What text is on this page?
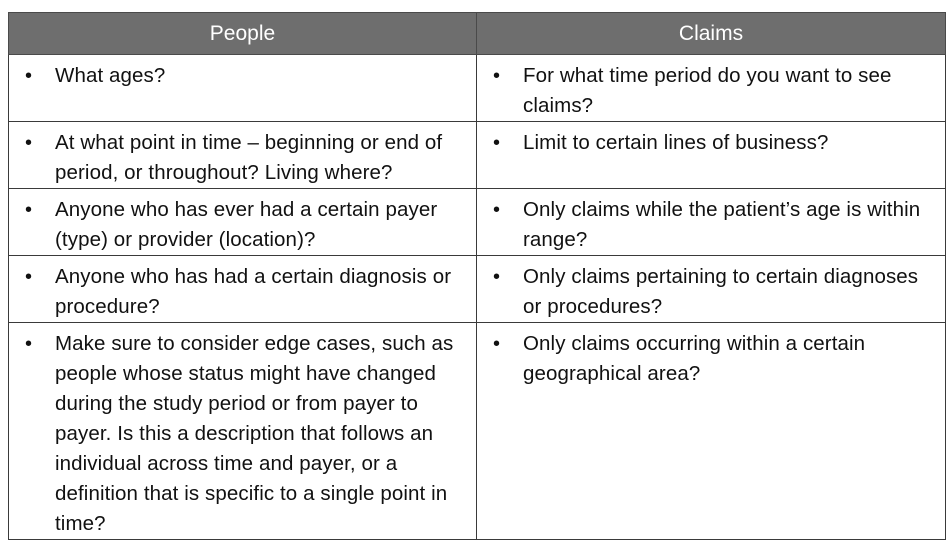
People	Claims

• What ages?	• For what time period do you want to see claims?

• At what point in time – beginning or end of period, or throughout? Living where?	• Limit to certain lines of business?

• Anyone who has ever had a certain payer (type) or provider (location)?	• Only claims while the patient’s age is within range?

• Anyone who has had a certain diagnosis or procedure?	• Only claims pertaining to certain diagnoses or procedures?

• Make sure to consider edge cases, such as people whose status might have changed during the study period or from payer to payer. Is this a description that follows an individual across time and payer, or a definition that is specific to a single point in time?	• Only claims occurring within a certain geographical area?
